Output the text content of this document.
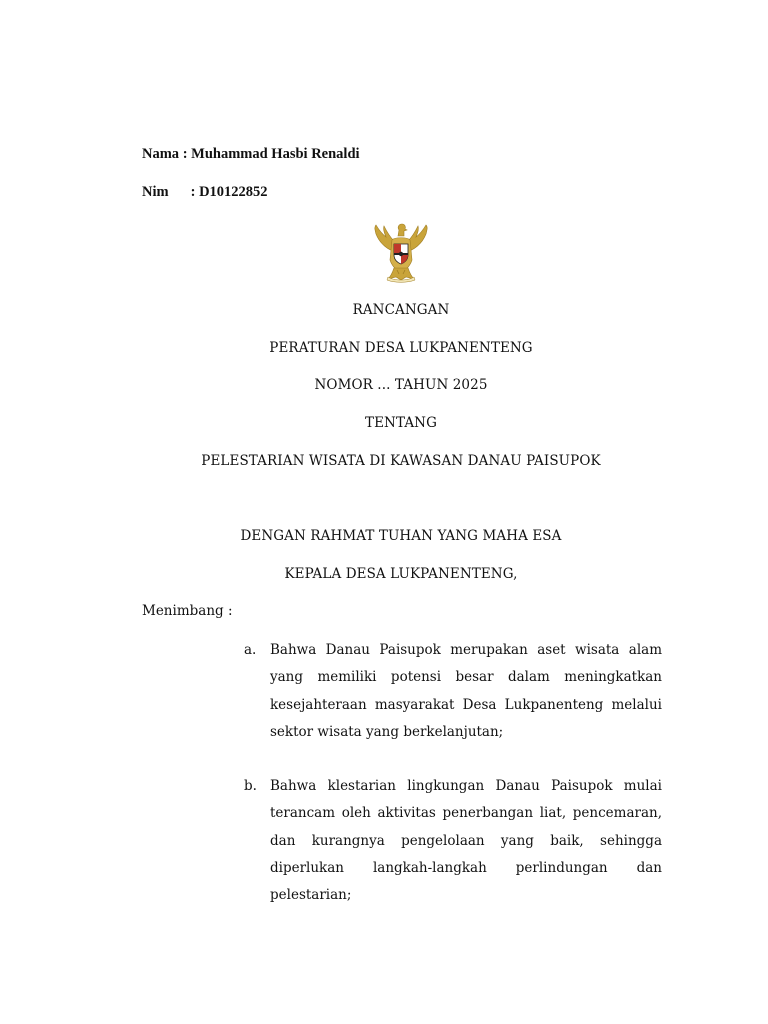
Nama : Muhammad Hasbi Renaldi
Nim : D10122852
RANCANGAN
PERATURAN DESA LUKPANENTENG
NOMOR ... TAHUN 2025
TENTANG
PELESTARIAN WISATA DI KAWASAN DANAU PAISUPOK
DENGAN RAHMAT TUHAN YANG MAHA ESA
KEPALA DESA LUKPANENTENG,
Menimbang :
a. Bahwa Danau Paisupok merupakan aset wisata alam yang memiliki potensi besar dalam meningkatkan kesejahteraan masyarakat Desa Lukpanenteng melalui sektor wisata yang berkelanjutan;
b. Bahwa klestarian lingkungan Danau Paisupok mulai terancam oleh aktivitas penerbangan liat, pencemaran, dan kurangnya pengelolaan yang baik, sehingga diperlukan langkah-langkah perlindungan dan pelestarian;
